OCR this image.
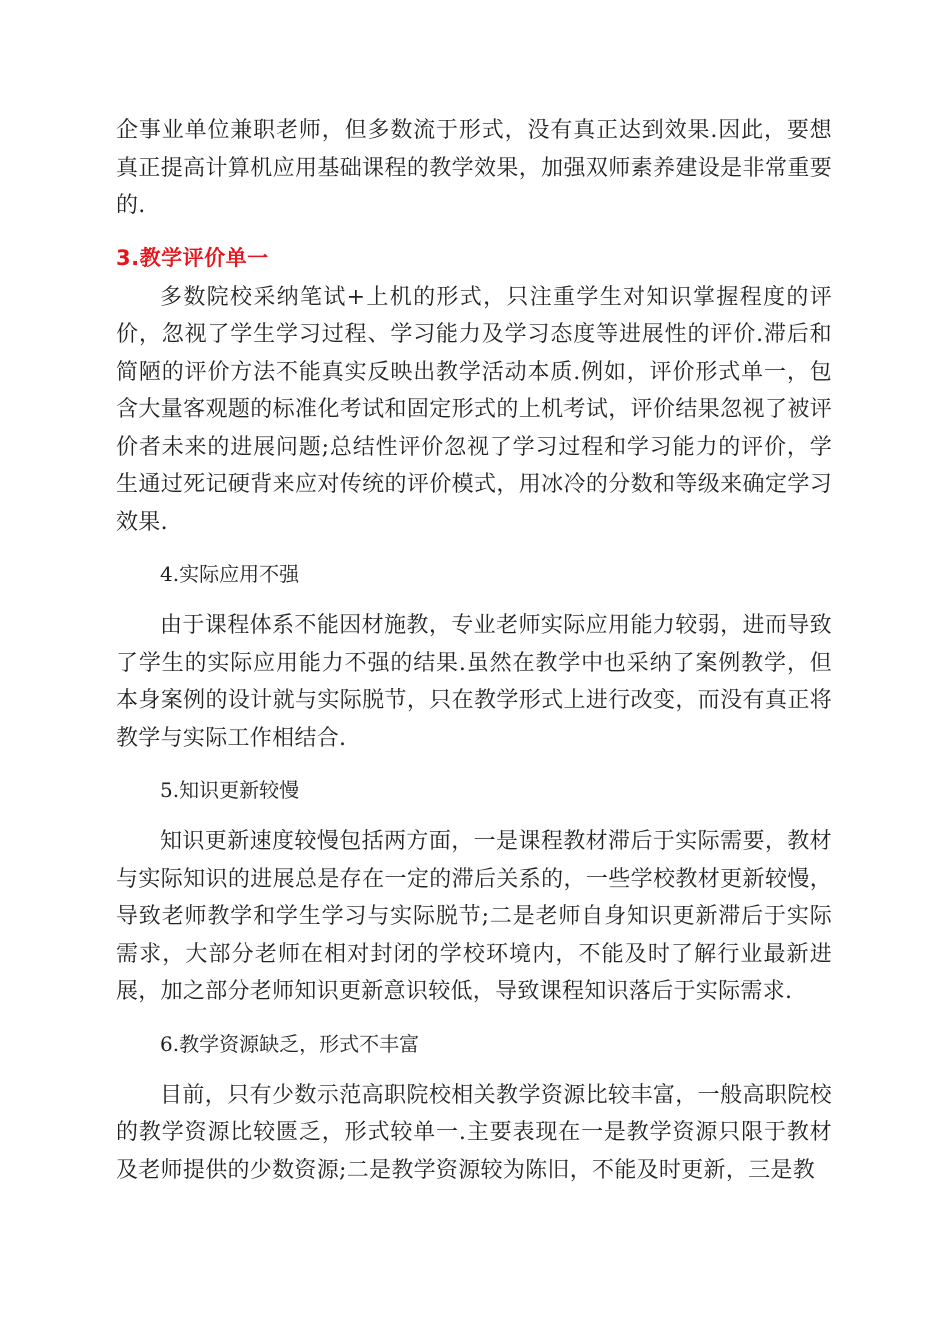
企事业单位兼职老师，但多数流于形式，没有真正达到效果.因此，要想真正提高计算机应用基础课程的教学效果，加强双师素养建设是非常重要的.

3.教学评价单一

多数院校采纳笔试+上机的形式，只注重学生对知识掌握程度的评价，忽视了学生学习过程、学习能力及学习态度等进展性的评价.滞后和简陋的评价方法不能真实反映出教学活动本质.例如，评价形式单一，包含大量客观题的标准化考试和固定形式的上机考试，评价结果忽视了被评价者未来的进展问题;总结性评价忽视了学习过程和学习能力的评价，学生通过死记硬背来应对传统的评价模式，用冰冷的分数和等级来确定学习效果.

4.实际应用不强

由于课程体系不能因材施教，专业老师实际应用能力较弱，进而导致了学生的实际应用能力不强的结果.虽然在教学中也采纳了案例教学，但本身案例的设计就与实际脱节，只在教学形式上进行改变，而没有真正将教学与实际工作相结合.

5.知识更新较慢

知识更新速度较慢包括两方面，一是课程教材滞后于实际需要，教材与实际知识的进展总是存在一定的滞后关系的，一些学校教材更新较慢，导致老师教学和学生学习与实际脱节;二是老师自身知识更新滞后于实际需求，大部分老师在相对封闭的学校环境内，不能及时了解行业最新进展，加之部分老师知识更新意识较低，导致课程知识落后于实际需求.

6.教学资源缺乏，形式不丰富

目前，只有少数示范高职院校相关教学资源比较丰富，一般高职院校的教学资源比较匮乏，形式较单一.主要表现在一是教学资源只限于教材及老师提供的少数资源;二是教学资源较为陈旧，不能及时更新，三是教
